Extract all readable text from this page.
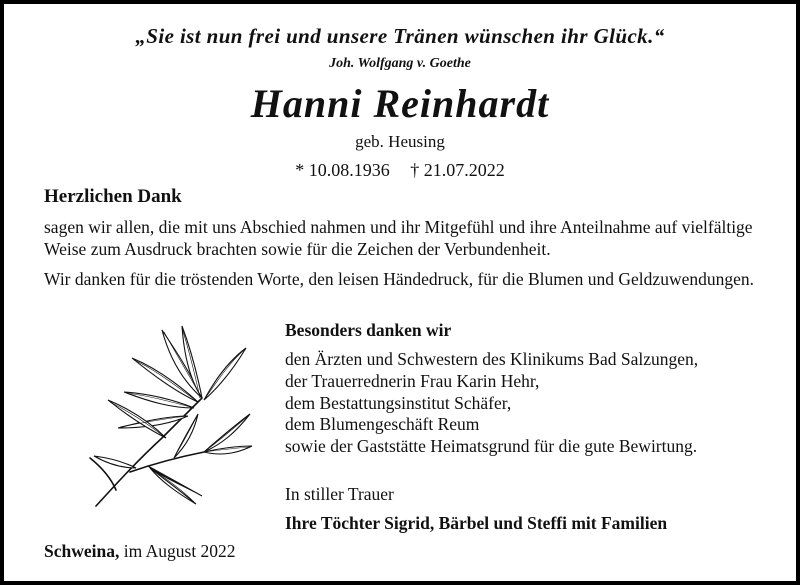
„Sie ist nun frei und unsere Tränen wünschen ihr Glück.“
Joh. Wolfgang v. Goethe
Hanni Reinhardt
geb. Heusing
* 10.08.1936 † 21.07.2022
Herzlichen Dank
sagen wir allen, die mit uns Abschied nahmen und ihr Mitgefühl und ihre Anteilnahme auf vielfältige Weise zum Ausdruck brachten sowie für die Zeichen der Verbundenheit.
Wir danken für die tröstenden Worte, den leisen Händedruck, für die Blumen und Geldzuwendungen.
Besonders danken wir
den Ärzten und Schwestern des Klinikums Bad Salzungen,
der Trauerrednerin Frau Karin Hehr,
dem Bestattungsinstitut Schäfer,
dem Blumengeschäft Reum
sowie der Gaststätte Heimatsgrund für die gute Bewirtung.
In stiller Trauer
Ihre Töchter Sigrid, Bärbel und Steffi mit Familien
Schweina, im August 2022
